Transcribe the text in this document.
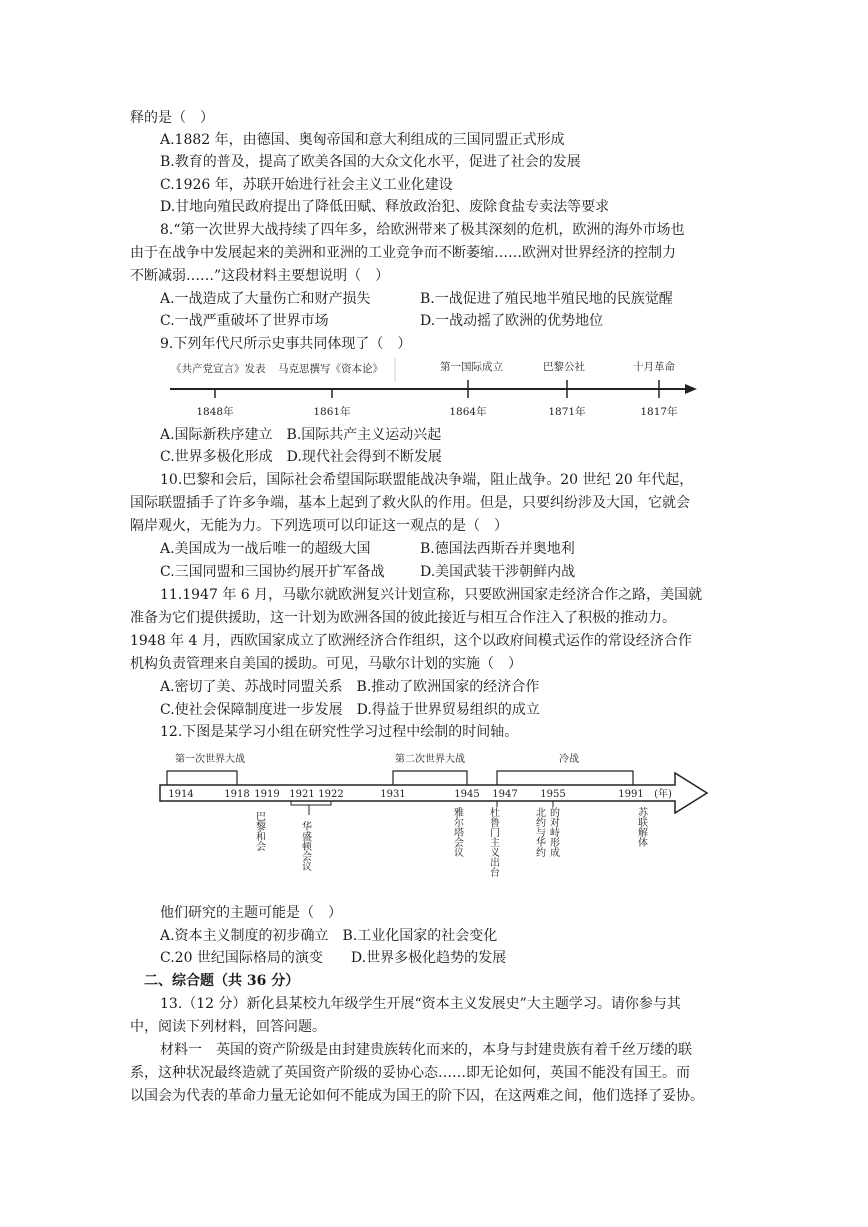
释的是（　）
A.1882 年，由德国、奥匈帝国和意大利组成的三国同盟正式形成
B.教育的普及，提高了欧美各国的大众文化水平，促进了社会的发展
C.1926 年，苏联开始进行社会主义工业化建设
D.甘地向殖民政府提出了降低田赋、释放政治犯、废除食盐专卖法等要求
8.“第一次世界大战持续了四年多，给欧洲带来了极其深刻的危机，欧洲的海外市场也
由于在战争中发展起来的美洲和亚洲的工业竞争而不断萎缩……欧洲对世界经济的控制力
不断减弱……”这段材料主要想说明（　）
A.一战造成了大量伤亡和财产损失	B.一战促进了殖民地半殖民地的民族觉醒
C.一战严重破坏了世界市场	D.一战动摇了欧洲的优势地位
9.下列年代尺所示史事共同体现了（　）
《共产党宣言》发表 马克思撰写《资本论》	第一国际成立	巴黎公社	十月革命
1848年	1861年	1864年	1871年	1817年
A.国际新秩序建立　B.国际共产主义运动兴起
C.世界多极化形成　D.现代社会得到不断发展
10.巴黎和会后，国际社会希望国际联盟能战决争端，阻止战争。20 世纪 20 年代起，
国际联盟插手了许多争端，基本上起到了救火队的作用。但是，只要纠纷涉及大国，它就会
隔岸观火，无能为力。下列选项可以印证这一观点的是（　）
A.美国成为一战后唯一的超级大国	B.德国法西斯吞并奥地利
C.三国同盟和三国协约展开扩军备战	D.美国武装干涉朝鲜内战
11.1947 年 6 月，马歇尔就欧洲复兴计划宣称，只要欧洲国家走经济合作之路，美国就
准备为它们提供援助，这一计划为欧洲各国的彼此接近与相互合作注入了积极的推动力。
1948 年 4 月，西欧国家成立了欧洲经济合作组织，这个以政府间模式运作的常设经济合作
机构负责管理来自美国的援助。可见，马歇尔计划的实施（　）
A.密切了美、苏战时同盟关系　B.推动了欧洲国家的经济合作
C.使社会保障制度进一步发展　D.得益于世界贸易组织的成立
12.下图是某学习小组在研究性学习过程中绘制的时间轴。
第一次世界大战	第二次世界大战	冷战
1914	1918 1919 1921 1922	1931	1945 1947 1955	1991 (年)
巴黎和会	华盛顿会议	雅尔塔会议	杜鲁门主义出台	北约与华约 的对峙形成	苏联解体
他们研究的主题可能是（　）
A.资本主义制度的初步确立　B.工业化国家的社会变化
C.20 世纪国际格局的演变　　D.世界多极化趋势的发展
二、综合题（共 36 分）
13.（12 分）新化县某校九年级学生开展“资本主义发展史”大主题学习。请你参与其
中，阅读下列材料，回答问题。
材料一　英国的资产阶级是由封建贵族转化而来的，本身与封建贵族有着千丝万缕的联
系，这种状况最终造就了英国资产阶级的妥协心态……即无论如何，英国不能没有国王。而
以国会为代表的革命力量无论如何不能成为国王的阶下囚，在这两难之间，他们选择了妥协。
